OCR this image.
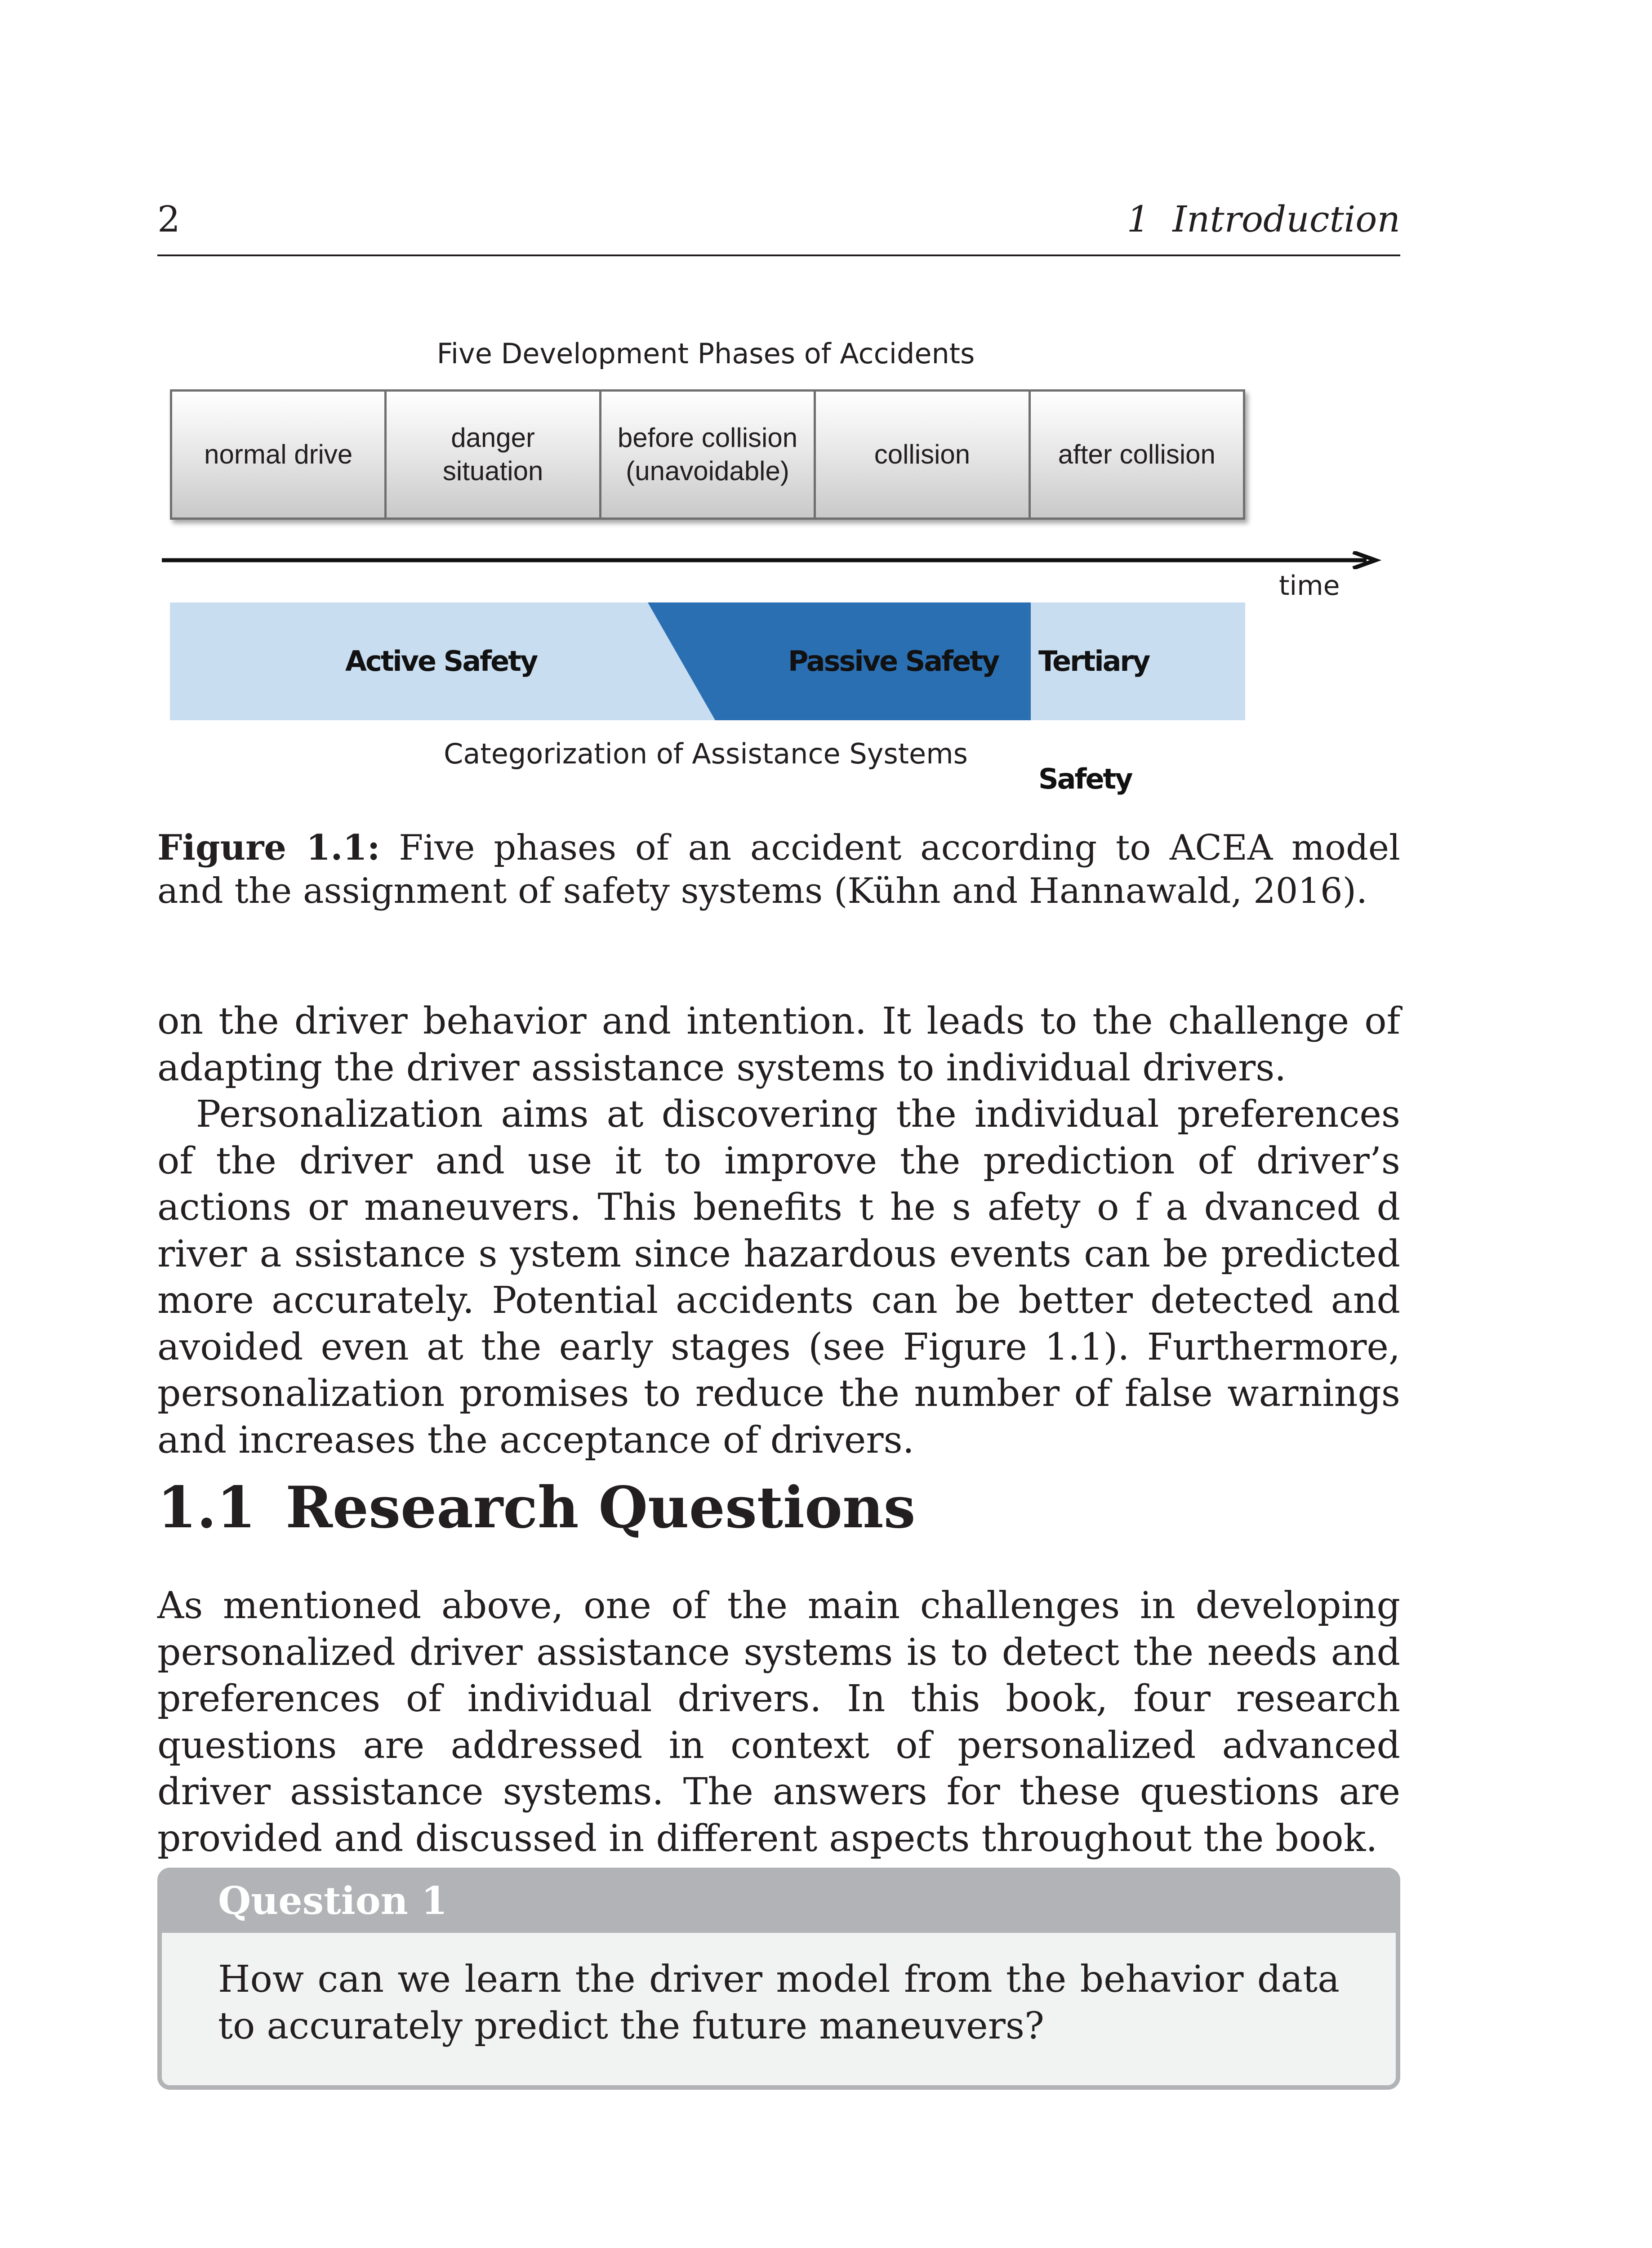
2	1  Introduction
Five Development Phases of Accidents
normal drive
danger
situation
before collision
(unavoidable)
collision	after collision
time
Active Safety	Passive Safety Tertiary Safety
Categorization of Assistance Systems
Figure 1.1: Five phases of an accident according to ACEA model and the assignment of safety systems (Kühn and Hannawald, 2016).

on the driver behavior and intention. It leads to the challenge of adapting the driver assistance systems to individual drivers.

Personalization aims at discovering the individual preferences of the driver and use it to improve the prediction of driver’s actions or maneuvers. This benefits t he s afety o f a dvanced d river a ssistance s ystem since hazardous events can be predicted more accurately. Potential accidents can be better detected and avoided even at the early stages (see Figure 1.1). Furthermore, personalization promises to reduce the number of false warnings and increases the acceptance of drivers.

1.1 Research Questions

As mentioned above, one of the main challenges in developing personalized driver assistance systems is to detect the needs and preferences of individual drivers. In this book, four research questions are addressed in context of personalized advanced driver assistance systems. The answers for these questions are provided and discussed in different aspects throughout the book.

Question 1
How can we learn the driver model from the behavior data to accurately predict the future maneuvers?
